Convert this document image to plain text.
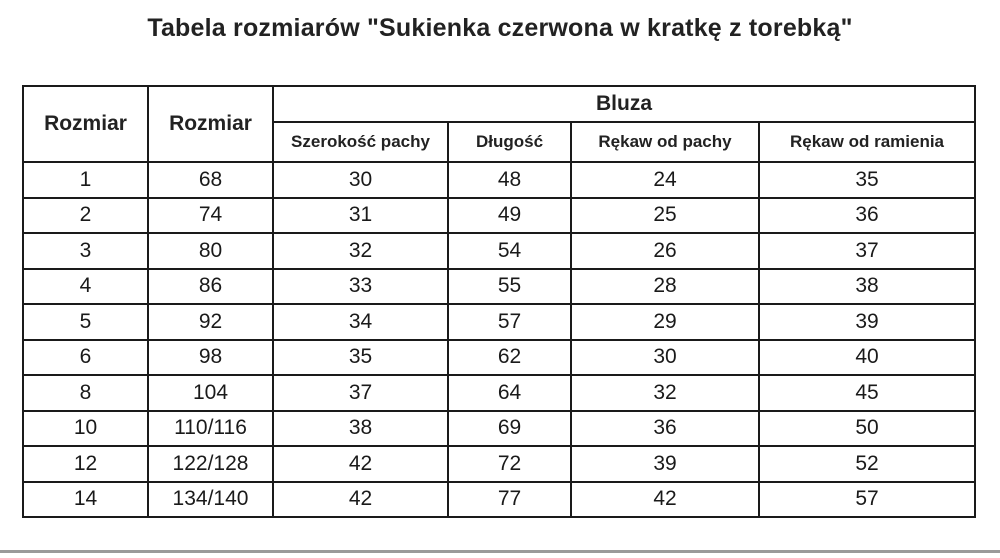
Tabela rozmiarów "Sukienka czerwona w kratkę z torebką"
Rozmiar	Rozmiar	Bluza			
		Szerokość pachy	Długość	Rękaw od pachy	Rękaw od ramienia
1	68	30	48	24	35
2	74	31	49	25	36
3	80	32	54	26	37
4	86	33	55	28	38
5	92	34	57	29	39
6	98	35	62	30	40
8	104	37	64	32	45
10	110/116	38	69	36	50
12	122/128	42	72	39	52
14	134/140	42	77	42	57
